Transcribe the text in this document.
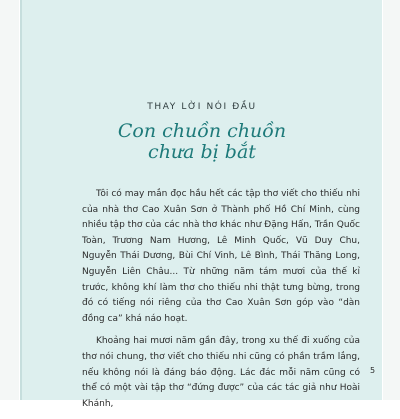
THAY LỜI NÓI ĐẦU
Con chuồn chuồn
chưa bị bắt

Tôi có may mắn đọc hầu hết các tập thơ viết cho thiếu nhi của nhà thơ Cao Xuân Sơn ở Thành phố Hồ Chí Minh, cùng nhiều tập thơ của các nhà thơ khác như Đặng Hấn, Trần Quốc Toàn, Trương Nam Hương, Lê Minh Quốc, Vũ Duy Chu, Nguyễn Thái Dương, Bùi Chí Vinh, Lê Bình, Thái Thăng Long, Nguyễn Liên Châu... Từ những năm tám mươi của thế kỉ trước, không khí làm thơ cho thiếu nhi thật tưng bừng, trong đó có tiếng nói riêng của thơ Cao Xuân Sơn góp vào “dàn đồng ca” khá náo hoạt.

Khoảng hai mươi năm gần đây, trong xu thế đi xuống của thơ nói chung, thơ viết cho thiếu nhi cũng có phần trầm lắng, nếu không nói là đáng báo động. Lác đác mỗi năm cũng có thể có một vài tập thơ “đứng được” của các tác giả như Hoài Khánh,

5
